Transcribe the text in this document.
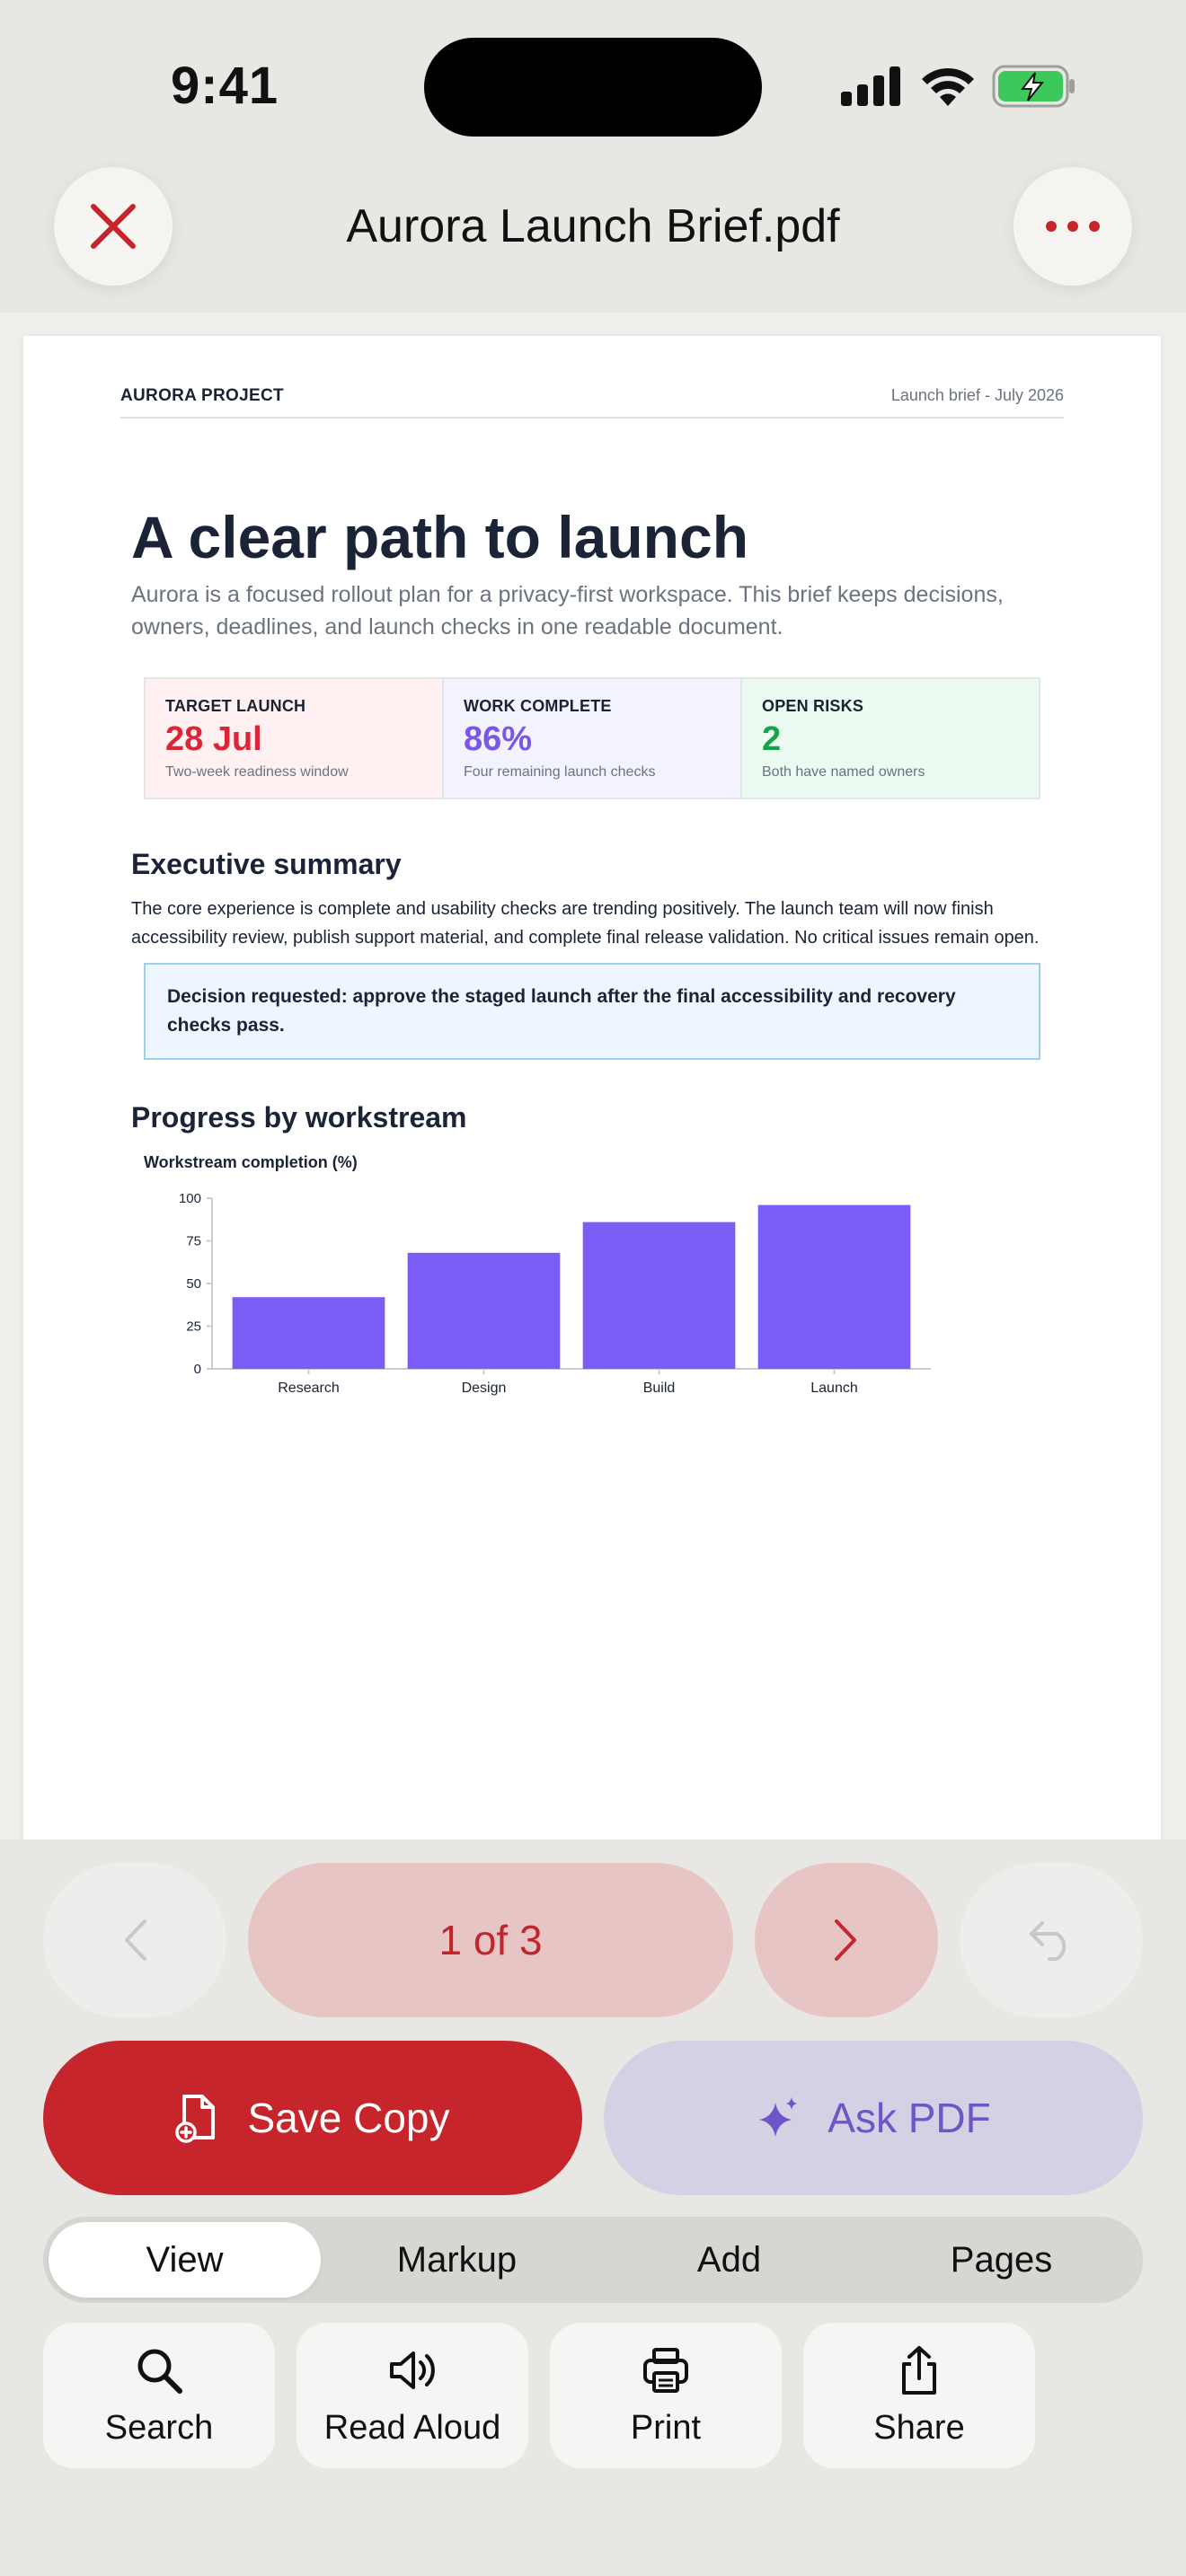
9:41
Aurora Launch Brief.pdf
AURORA PROJECT	Launch brief - July 2026
A clear path to launch
Aurora is a focused rollout plan for a privacy-first workspace. This brief keeps decisions, owners, deadlines, and launch checks in one readable document.
TARGET LAUNCH
28 Jul
Two-week readiness window
WORK COMPLETE
86%
Four remaining launch checks
OPEN RISKS
2
Both have named owners
Executive summary
The core experience is complete and usability checks are trending positively. The launch team will now finish accessibility review, publish support material, and complete final release validation. No critical issues remain open.
Decision requested: approve the staged launch after the final accessibility and recovery checks pass.
Progress by workstream
Workstream completion (%)
0
25
50
75
100
Research	Design	Build	Launch
1 of 3
Save Copy	Ask PDF
View	Markup	Add	Pages
Search	Read Aloud	Print	Share
